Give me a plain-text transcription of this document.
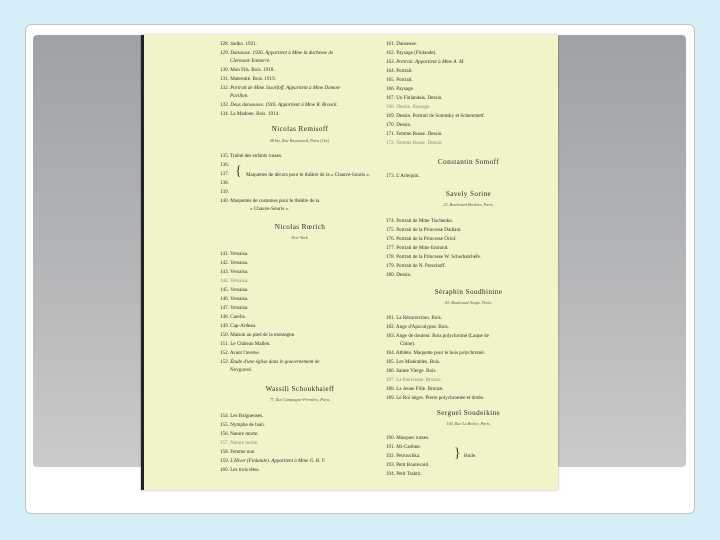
128. Sadko. 1921.
129. Danseuse. 1926. Appartient à Mme la duchesse de
Clermont-Tonnerre.
130. Mon Fils. Bois. 1918.
131. Maternité. Bois. 1919.
132. Portrait de Mme Jasorfoff. Appartient à Mme Domon-
Pavillon.
133. Deux danseuses. 1916. Appartient à Mme R. Broock.
134. La Madone. Bois. 1914.
Nicolas Remisoff
68 bis, Rue Raynouard, Paris (16e).
135. Traîné des enfants russes.
136.
137.
138.
139.
{ Maquettes de décors pour le théâtre de la « Chauve-Souris ».
140. Maquettes de costumes pour le théâtre de la
« Chauve-Souris ».
Nicolas Rœrich
New-York.
141. Versaisa.
142. Versaisa.
143. Versaisa.
144. Versaisa.
145. Versaisa.
146. Versaisa.
147. Versaisa.
148. Carelie.
149. Cap-Ardeau.
150. Maison au pied de la montagne.
151. Le Château Mallen.
152. Avant l'averse.
153. Étude d'une église dans le gouvernement de
Novgorod.
Wassili Schoukhaieff
77, Rue Campagne-Première, Paris.
154. Les Baigneuses.
155. Nymphe de bain.
156. Nature morte.
157. Nature morte.
158. Femme nue.
159. L'Hiver (Finlande). Appartient à Mme G. B. V.
160. Les trois têtes.
161. Danseuse.
162. Paysage (Finlande).
163. Portrait. Appartient à Mme A. M.
164. Portrait.
165. Portrait.
166. Paysage.
167. Un Finlandais. Dessin.
168. Dessin. Paysage.
169. Dessin. Portrait de Sorensky et Scheremetf.
170. Dessin.
171. Femme Russe. Dessin.
172. Femme Russe. Dessin.
Constantin Somoff
173. L'Arlequin.
Savely Sorine
23, Boulevard Berthier, Paris.
174. Portrait de Mme Tischenko.
175. Portrait de la Princesse Dadiani.
176. Portrait de la Princesse Orlof.
177. Portrait de Mme Entrond.
178. Portrait de la Princesse W. Scherbatchéfe.
179. Portrait de N. Potschoff.
180. Dessin.
Séraphin Soudbinine
43, Boulevard Arago, Paris.
181. La Résurrection. Bois.
182. Ange d'Apocalypse. Bois.
183. Ange de douleur. Bois polychromé (Laque de
Chine).
184. Athlète. Maquette pour le bois polychromé.
185. Les Misérables. Bois.
186. Sainte Vierge. Bois.
187. La Pauvresse. Bronze.
188. La Jeune Fille. Bronze.
189. Le Roi nègre. Pierre polychromée et dorée.
Sergueï Soudeikine
100, Rue La Boëtie, Paris.
190. Masques russes.
191. Mi-Carême.
192. Petrouchka.
193. Petit Boulevard.
194. Petit Traktir.
} Huile.
